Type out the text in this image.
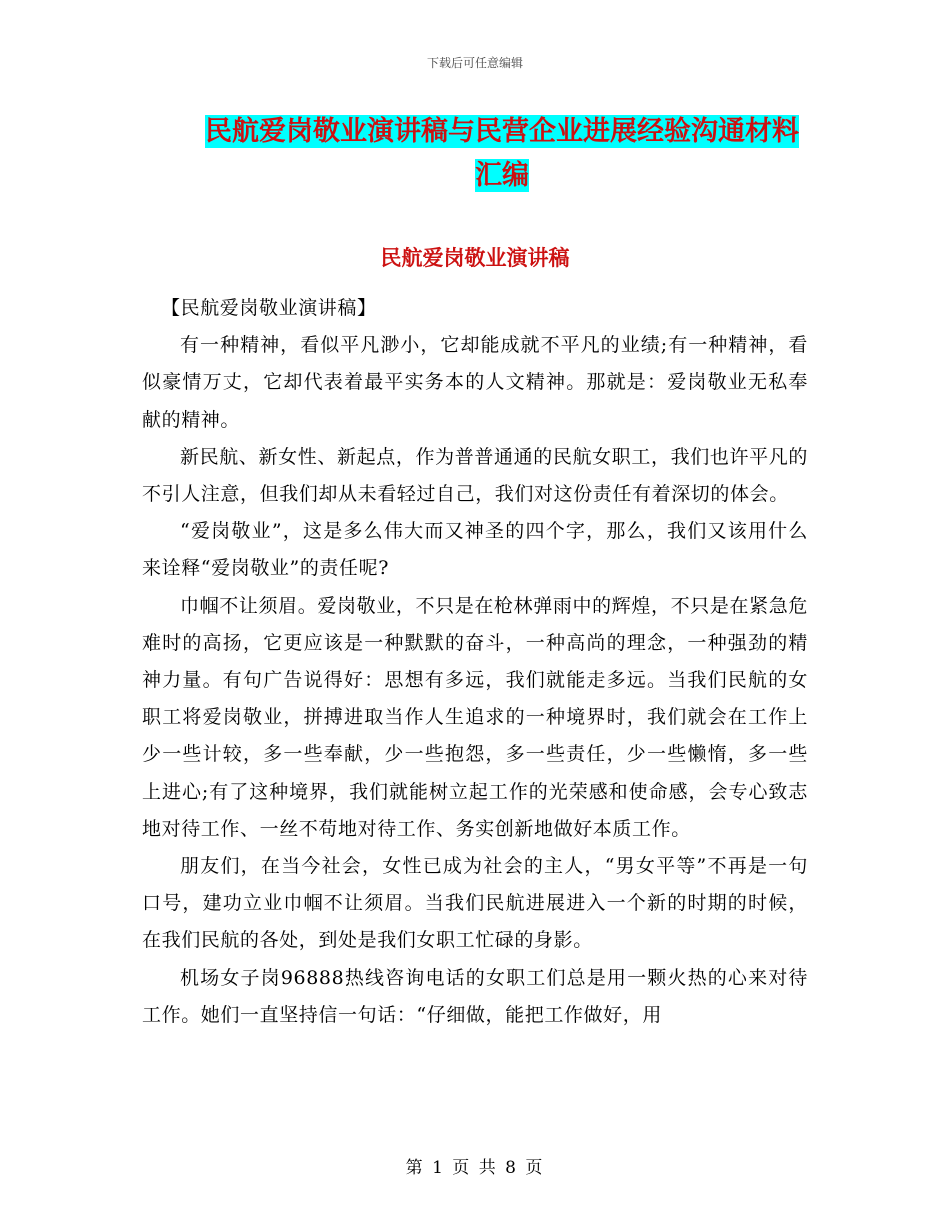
下载后可任意编辑
民航爱岗敬业演讲稿与民营企业进展经验沟通材料汇编
民航爱岗敬业演讲稿

【民航爱岗敬业演讲稿】

有一种精神，看似平凡渺小，它却能成就不平凡的业绩;有一种精神，看似豪情万丈，它却代表着最平实务本的人文精神。那就是：爱岗敬业无私奉献的精神。

新民航、新女性、新起点，作为普普通通的民航女职工，我们也许平凡的不引人注意，但我们却从未看轻过自己，我们对这份责任有着深切的体会。

“爱岗敬业”，这是多么伟大而又神圣的四个字，那么，我们又该用什么来诠释“爱岗敬业”的责任呢?

巾帼不让须眉。爱岗敬业，不只是在枪林弹雨中的辉煌，不只是在紧急危难时的高扬，它更应该是一种默默的奋斗，一种高尚的理念，一种强劲的精神力量。有句广告说得好：思想有多远，我们就能走多远。当我们民航的女职工将爱岗敬业，拼搏进取当作人生追求的一种境界时，我们就会在工作上少一些计较，多一些奉献，少一些抱怨，多一些责任，少一些懒惰，多一些上进心;有了这种境界，我们就能树立起工作的光荣感和使命感，会专心致志地对待工作、一丝不苟地对待工作、务实创新地做好本质工作。

朋友们，在当今社会，女性已成为社会的主人，“男女平等”不再是一句口号，建功立业巾帼不让须眉。当我们民航进展进入一个新的时期的时候，在我们民航的各处，到处是我们女职工忙碌的身影。

机场女子岗96888热线咨询电话的女职工们总是用一颗火热的心来对待工作。她们一直坚持信一句话：“仔细做，能把工作做好，用

第 1 页 共 8 页
